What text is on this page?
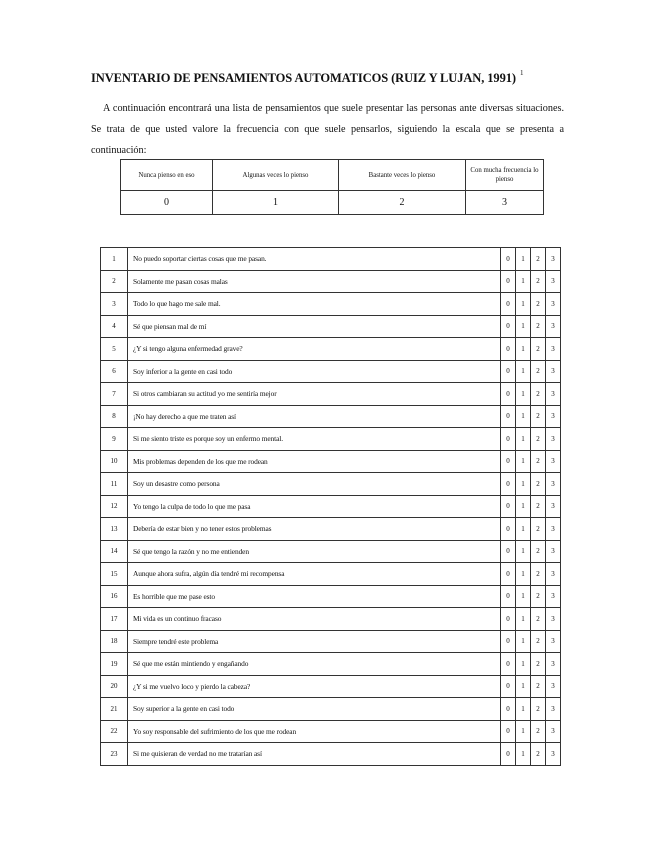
INVENTARIO DE PENSAMIENTOS AUTOMATICOS (RUIZ Y LUJAN, 1991) $^1$

A continuación encontrará una lista de pensamientos que suele presentar las personas ante diversas situaciones. Se trata de que usted valore la frecuencia con que suele pensarlos, siguiendo la escala que se presenta a continuación:

Nunca pienso en eso	Algunas veces lo pienso	Bastante veces lo pienso	Con mucha frecuencia lo pienso
0	1	2	3
1	No puedo soportar ciertas cosas que me pasan.	0	1	2	3
2	Solamente me pasan cosas malas	0	1	2	3
3	Todo lo que hago me sale mal.	0	1	2	3
4	Sé que piensan mal de mí	0	1	2	3
5	¿Y si tengo alguna enfermedad grave?	0	1	2	3
6	Soy inferior a la gente en casi todo	0	1	2	3
7	Si otros cambiaran su actitud yo me sentiría mejor	0	1	2	3
8	¡No hay derecho a que me traten así	0	1	2	3
9	Si me siento triste es porque soy un enfermo mental.	0	1	2	3
10	Mis problemas dependen de los que me rodean	0	1	2	3
11	Soy un desastre como persona	0	1	2	3
12	Yo tengo la culpa de todo lo que me pasa	0	1	2	3
13	Debería de estar bien y no tener estos problemas	0	1	2	3
14	Sé que tengo la razón y no me entienden	0	1	2	3
15	Aunque ahora sufra, algún día tendré mi recompensa	0	1	2	3
16	Es horrible que me pase esto	0	1	2	3
17	Mi vida es un continuo fracaso	0	1	2	3
18	Siempre tendré este problema	0	1	2	3
19	Sé que me están mintiendo y engañando	0	1	2	3
20	¿Y si me vuelvo loco y pierdo la cabeza?	0	1	2	3
21	Soy superior a la gente en casi todo	0	1	2	3
22	Yo soy responsable del sufrimiento de los que me rodean	0	1	2	3
23	Si me quisieran de verdad no me tratarían así	0	1	2	3
